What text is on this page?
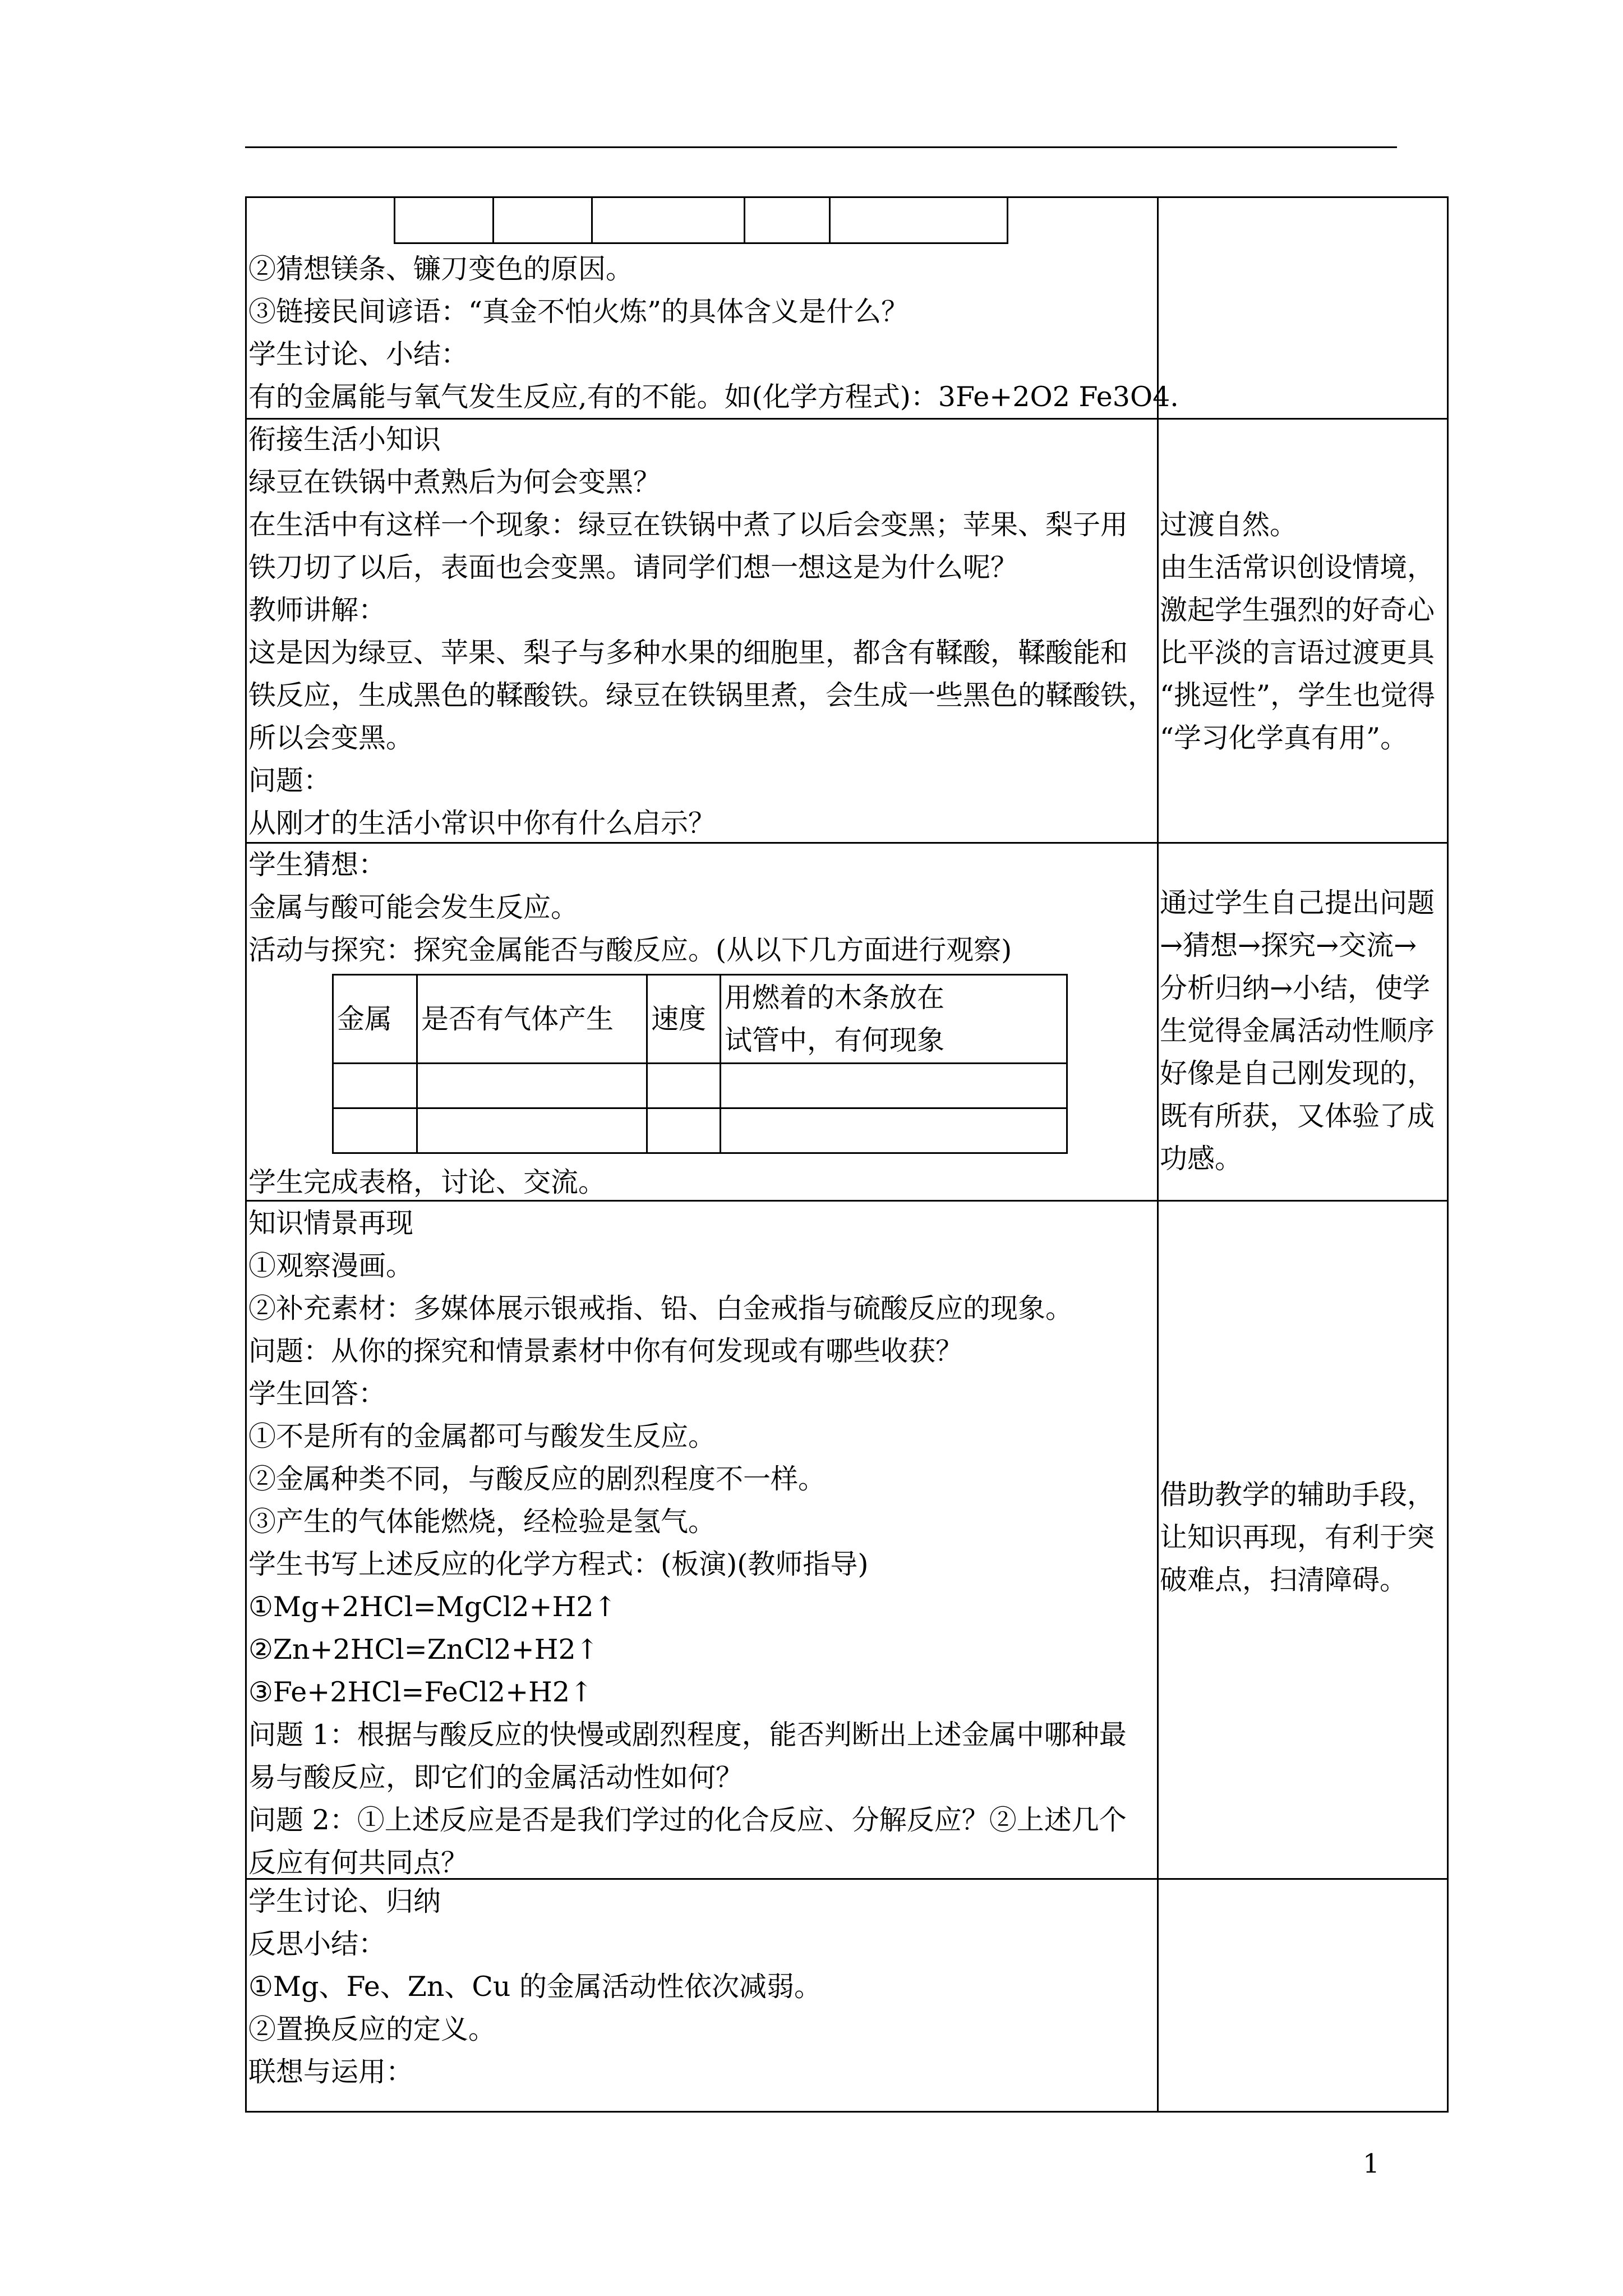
②猜想镁条、镰刀变色的原因。

③链接民间谚语：“真金不怕火炼”的具体含义是什么？

学生讨论、小结：

有的金属能与氧气发生反应,有的不能。如(化学方程式)：3Fe+2O2 Fe3O4.

衔接生活小知识

绿豆在铁锅中煮熟后为何会变黑？

在生活中有这样一个现象：绿豆在铁锅中煮了以后会变黑；苹果、梨子用

铁刀切了以后，表面也会变黑。请同学们想一想这是为什么呢？

教师讲解：

这是因为绿豆、苹果、梨子与多种水果的细胞里，都含有鞣酸，鞣酸能和

铁反应，生成黑色的鞣酸铁。绿豆在铁锅里煮，会生成一些黑色的鞣酸铁，

所以会变黑。

问题：

从刚才的生活小常识中你有什么启示？

过渡自然。

由生活常识创设情境，

激起学生强烈的好奇心

比平淡的言语过渡更具

“挑逗性”，学生也觉得

“学习化学真有用”。

学生猜想：

金属与酸可能会发生反应。

活动与探究：探究金属能否与酸反应。(从以下几方面进行观察)

金属	是否有气体产生	速度	用燃着的木条放在
试管中，有何现象

学生完成表格，讨论、交流。

通过学生自己提出问题

→猜想→探究→交流→

分析归纳→小结，使学

生觉得金属活动性顺序

好像是自己刚发现的，

既有所获，又体验了成

功感。

知识情景再现

①观察漫画。

②补充素材：多媒体展示银戒指、铅、白金戒指与硫酸反应的现象。

问题：从你的探究和情景素材中你有何发现或有哪些收获？

学生回答：

①不是所有的金属都可与酸发生反应。

②金属种类不同，与酸反应的剧烈程度不一样。

③产生的气体能燃烧，经检验是氢气。

学生书写上述反应的化学方程式：(板演)(教师指导)

①Mg+2HCl=MgCl2+H2↑

②Zn+2HCl=ZnCl2+H2↑

③Fe+2HCl=FeCl2+H2↑

问题 1：根据与酸反应的快慢或剧烈程度，能否判断出上述金属中哪种最

易与酸反应，即它们的金属活动性如何？

问题 2：①上述反应是否是我们学过的化合反应、分解反应？②上述几个

反应有何共同点？

借助教学的辅助手段，

让知识再现，有利于突

破难点，扫清障碍。

学生讨论、归纳

反思小结：

①Mg、Fe、Zn、Cu 的金属活动性依次减弱。

②置换反应的定义。

联想与运用：

1
